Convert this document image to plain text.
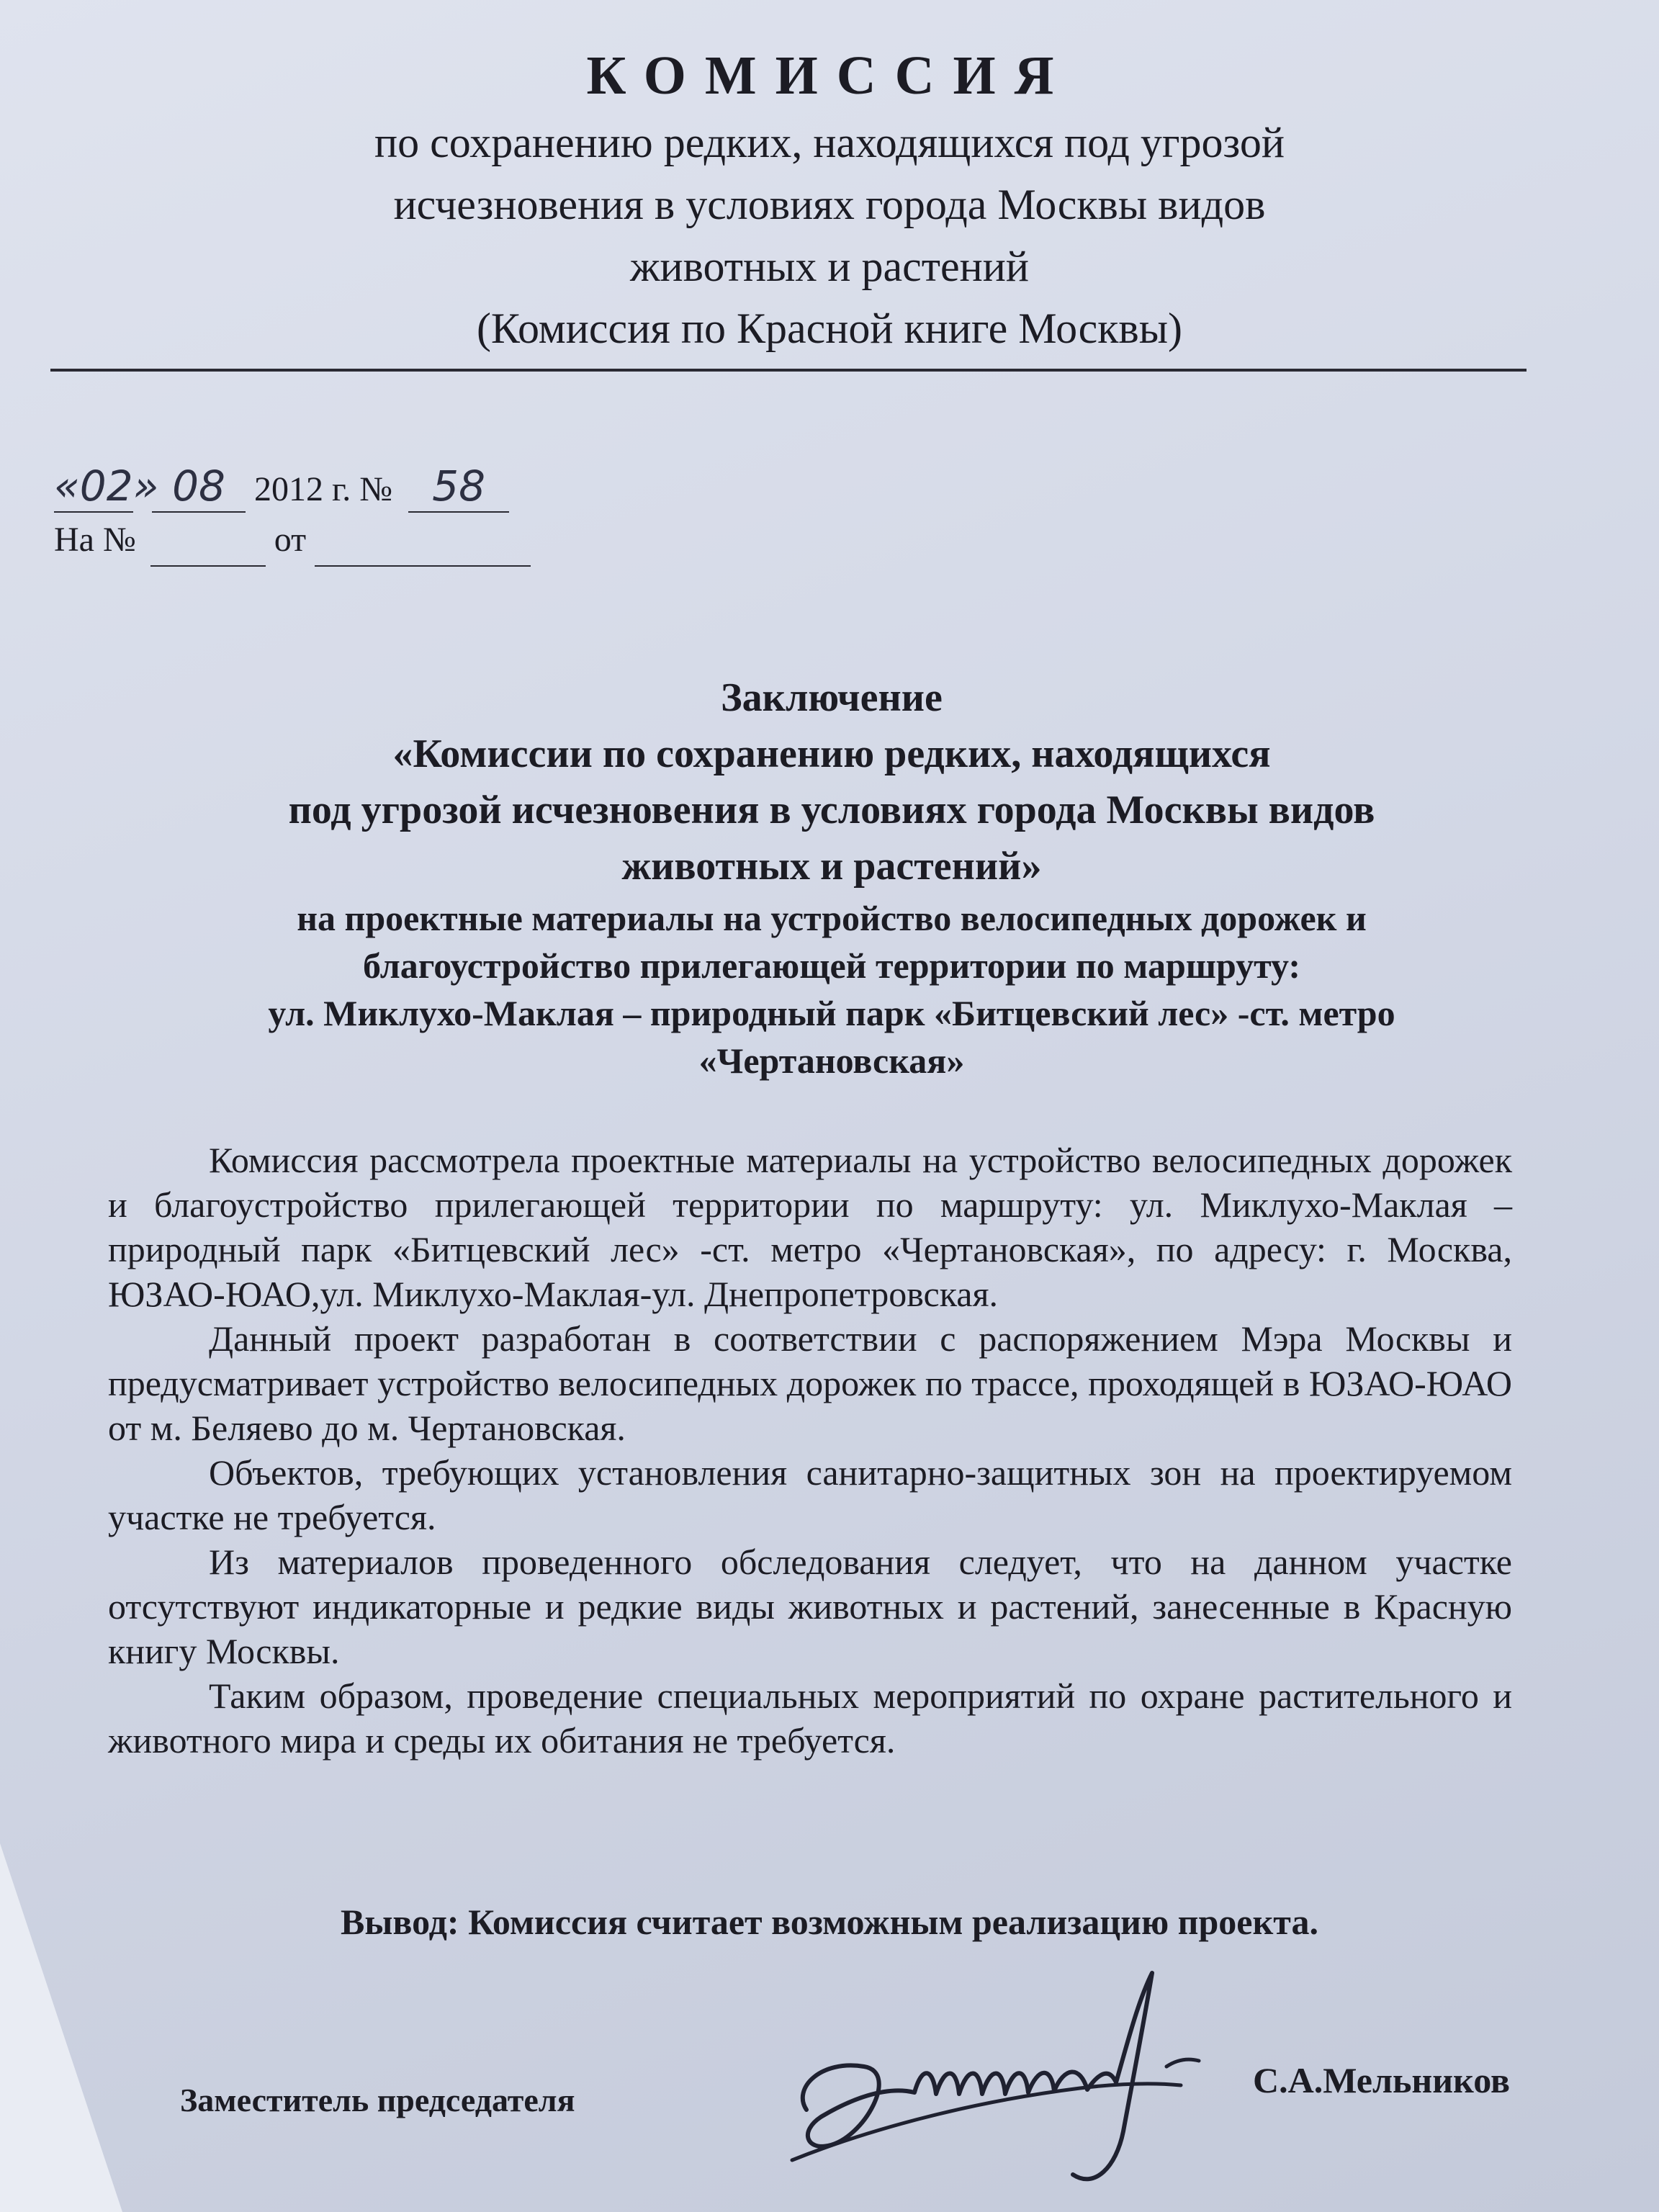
КОМИССИЯ

по сохранению редких, находящихся под угрозой

исчезновения в условиях города Москвы видов

животных и растений

(Комиссия по Красной книге Москвы)

«02» 08 2012 г. № 58
На №	от

Заключение

«Комиссии по сохранению редких, находящихся

под угрозой исчезновения в условиях города Москвы видов

животных и растений»

на проектные материалы на устройство велосипедных дорожек и

благоустройство прилегающей территории по маршруту:

ул. Миклухо-Маклая – природный парк «Битцевский лес» -ст. метро

«Чертановская»

Комиссия рассмотрела проектные материалы на устройство велосипедных дорожек и благоустройство прилегающей территории по маршруту: ул. Миклухо-Маклая – природный парк «Битцевский лес» -ст. метро «Чертановская», по адресу: г. Москва, ЮЗАО-ЮАО,ул. Миклухо-Маклая-ул. Днепропетровская.

Данный проект разработан в соответствии с распоряжением Мэра Москвы и предусматривает устройство велосипедных дорожек по трассе, проходящей в ЮЗАО-ЮАО от м. Беляево до м. Чертановская.

Объектов, требующих установления санитарно-защитных зон на проектируемом участке не требуется.

Из материалов проведенного обследования следует, что на данном участке отсутствуют индикаторные и редкие виды животных и растений, занесенные в Красную книгу Москвы.

Таким образом, проведение специальных мероприятий по охране растительного и животного мира и среды их обитания не требуется.

Вывод: Комиссия считает возможным реализацию проекта.
Заместитель председателя	С.А.Мельников
